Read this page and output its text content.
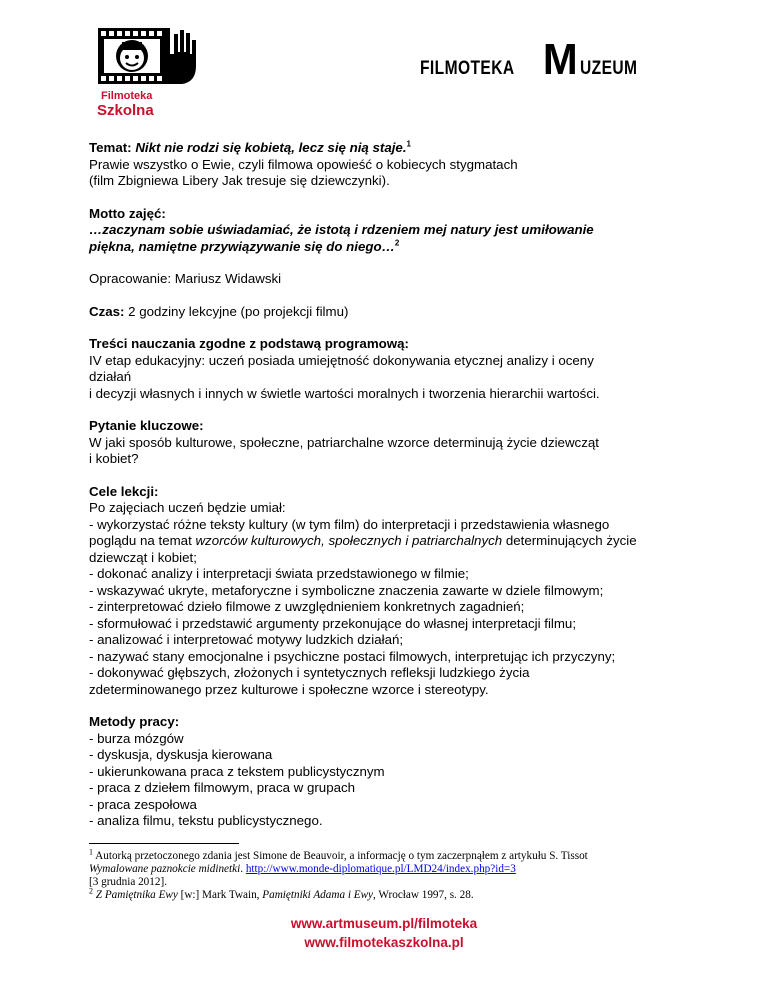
Filmoteka
Szkolna
FILMOTEKA M UZEUM

Temat: Nikt nie rodzi się kobietą, lecz się nią staje.$^1$

Prawie wszystko o Ewie, czyli filmowa opowieść o kobiecych stygmatach

(film Zbigniewa Libery Jak tresuje się dziewczynki).

Motto zajęć:

…zaczynam sobie uświadamiać, że istotą i rdzeniem mej natury jest umiłowanie

piękna, namiętne przywiązywanie się do niego…$^2$

Opracowanie: Mariusz Widawski

Czas: 2 godziny lekcyjne (po projekcji filmu)

Treści nauczania zgodne z podstawą programową:

IV etap edukacyjny: uczeń posiada umiejętność dokonywania etycznej analizy i oceny

działań

i decyzji własnych i innych w świetle wartości moralnych i tworzenia hierarchii wartości.

Pytanie kluczowe:

W jaki sposób kulturowe, społeczne, patriarchalne wzorce determinują życie dziewcząt

i kobiet?

Cele lekcji:

Po zajęciach uczeń będzie umiał:

- wykorzystać różne teksty kultury (w tym film) do interpretacji i przedstawienia własnego

poglądu na temat wzorców kulturowych, społecznych i patriarchalnych determinujących życie

dziewcząt i kobiet;

- dokonać analizy i interpretacji świata przedstawionego w filmie;

- wskazywać ukryte, metaforyczne i symboliczne znaczenia zawarte w dziele filmowym;

- zinterpretować dzieło filmowe z uwzględnieniem konkretnych zagadnień;

- sformułować i przedstawić argumenty przekonujące do własnej interpretacji filmu;

- analizować i interpretować motywy ludzkich działań;

- nazywać stany emocjonalne i psychiczne postaci filmowych, interpretując ich przyczyny;

- dokonywać głębszych, złożonych i syntetycznych refleksji ludzkiego życia

zdeterminowanego przez kulturowe i społeczne wzorce i stereotypy.

Metody pracy:

- burza mózgów

- dyskusja, dyskusja kierowana

- ukierunkowana praca z tekstem publicystycznym

- praca z dziełem filmowym, praca w grupach

- praca zespołowa

- analiza filmu, tekstu publicystycznego.

$^1$ Autorką przetoczonego zdania jest Simone de Beauvoir, a informację o tym zaczerpnąłem z artykułu S. Tissot
Wymalowane paznokcie midinetki. http://www.monde-diplomatique.pl/LMD24/index.php?id=3
[3 grudnia 2012].
$^2$ Z Pamiętnika Ewy [w:] Mark Twain, Pamiętniki Adama i Ewy, Wrocław 1997, s. 28.
www.artmuseum.pl/filmoteka
www.filmotekaszkolna.pl
